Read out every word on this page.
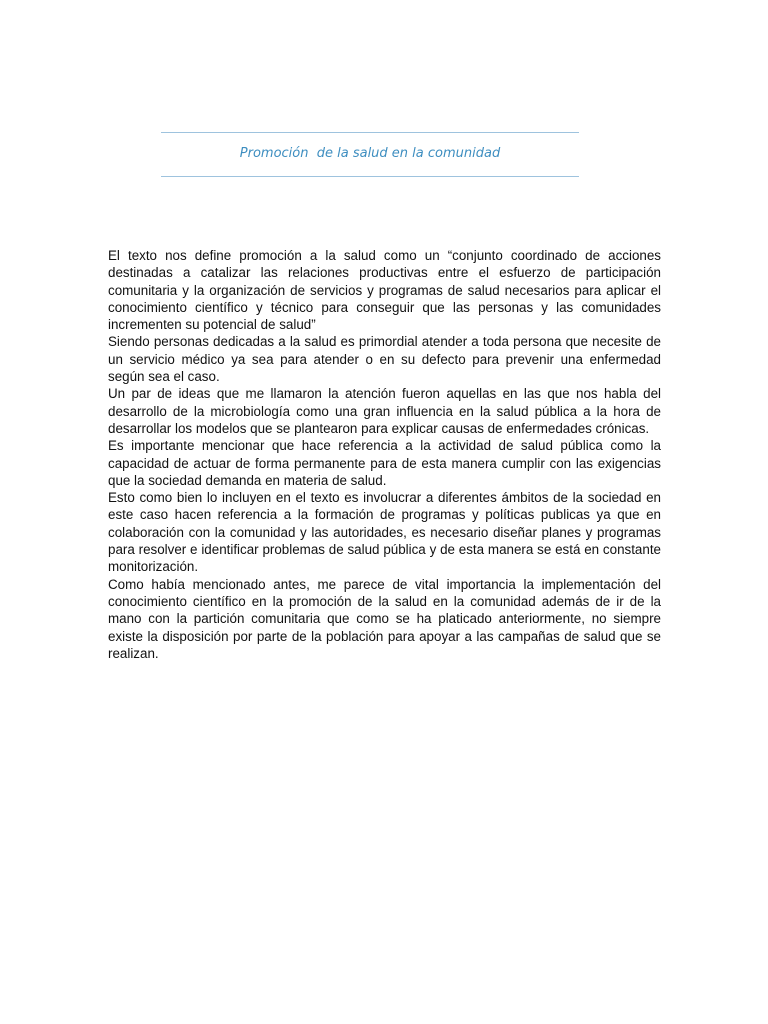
Promoción  de la salud en la comunidad

El texto nos define promoción a la salud como un “conjunto coordinado de acciones destinadas a catalizar las relaciones productivas entre el esfuerzo de participación comunitaria y la organización de servicios y programas de salud necesarios para aplicar el conocimiento científico y técnico para conseguir que las personas y las comunidades incrementen su potencial de salud”

Siendo personas dedicadas a la salud es primordial atender a toda persona que necesite de un servicio médico ya sea para atender o en su defecto para prevenir una enfermedad según sea el caso.

Un par de ideas que me llamaron la atención fueron aquellas en las que nos habla del desarrollo de la microbiología como una gran influencia en la salud pública a la hora de desarrollar los modelos que se plantearon para explicar causas de enfermedades crónicas.

Es importante mencionar que hace referencia a la actividad de salud pública como la capacidad de actuar de forma permanente para de esta manera cumplir con las exigencias que la sociedad demanda en materia de salud.

Esto como bien lo incluyen en el texto es involucrar a diferentes ámbitos de la sociedad en este caso hacen referencia a la formación de programas y políticas publicas ya que en colaboración con la comunidad y las autoridades, es necesario diseñar planes y programas para resolver e identificar problemas de salud pública y de esta manera se está en constante monitorización.

Como había mencionado antes, me parece de vital importancia la implementación del conocimiento científico en la promoción de la salud en la comunidad además de ir de la mano con la partición comunitaria que como se ha platicado anteriormente, no siempre existe la disposición por parte de la población para apoyar a las campañas de salud que se realizan.
